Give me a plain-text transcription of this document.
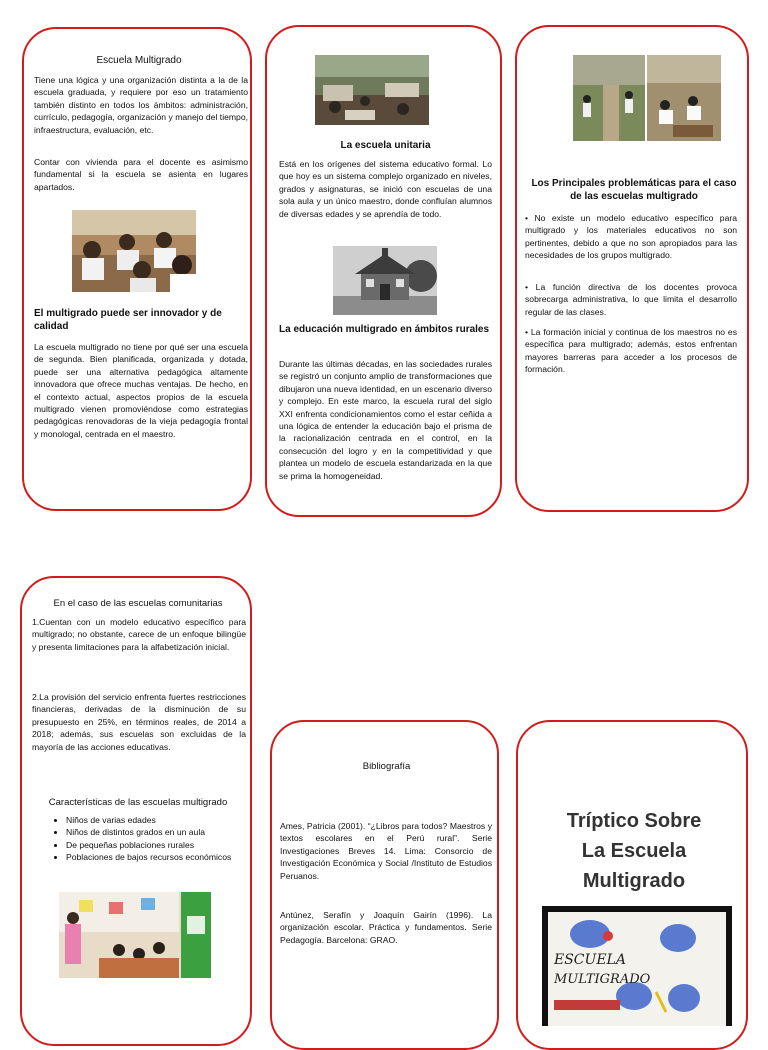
Escuela Multigrado

Tiene una lógica y una organización distinta a la de la escuela graduada, y requiere por eso un tratamiento también distinto en todos los ámbitos: administración, currículo, pedagogía, organización y manejo del tiempo, infraestructura, evaluación, etc.

Contar con vivienda para el docente es asimismo fundamental si la escuela se asienta en lugares apartados.

El multigrado puede ser innovador y de calidad

La escuela multigrado no tiene por qué ser una escuela de segunda. Bien planificada, organizada y dotada, puede ser una alternativa pedagógica altamente innovadora que ofrece muchas ventajas. De hecho, en el contexto actual, aspectos propios de la escuela multigrado vienen promoviéndose como estrategias pedagógicas renovadoras de la vieja pedagogía frontal y monologal, centrada en el maestro.

La escuela unitaria

Está en los orígenes del sistema educativo formal. Lo que hoy es un sistema complejo organizado en niveles, grados y asignaturas, se inició con escuelas de una sola aula y un único maestro, donde confluían alumnos de diversas edades y se aprendía de todo.

La educación multigrado en ámbitos rurales

Durante las últimas décadas, en las sociedades rurales se registró un conjunto amplio de transformaciones que dibujaron una nueva identidad, en un escenario diverso y complejo. En este marco, la escuela rural del siglo XXI enfrenta condicionamientos como el estar ceñida a una lógica de entender la educación bajo el prisma de la racionalización centrada en el control, en la consecución del logro y en la competitividad y que plantea un modelo de escuela estandarizada en la que se prima la homogeneidad.

Los Principales problemáticas para el caso de las escuelas multigrado

• No existe un modelo educativo específico para multigrado y los materiales educativos no son pertinentes, debido a que no son apropiados para las necesidades de los grupos multigrado.

• La función directiva de los docentes provoca sobrecarga administrativa, lo que limita el desarrollo regular de las clases.

• La formación inicial y continua de los maestros no es específica para multigrado; además, estos enfrentan mayores barreras para acceder a los procesos de formación.

En el caso de las escuelas comunitarias

1.Cuentan con un modelo educativo específico para multigrado; no obstante, carece de un enfoque bilingüe y presenta limitaciones para la alfabetización inicial.

2.La provisión del servicio enfrenta fuertes restricciones financieras, derivadas de la disminución de su presupuesto en 25%, en términos reales, de 2014 a 2018; además, sus escuelas son excluidas de la mayoría de las acciones educativas.

Características de las escuelas multigrado

• Niños de varias edades
• Niños de distintos grados en un aula
• De pequeñas poblaciones rurales
• Poblaciones de bajos recursos económicos

Bibliografía

Ames, Patricia (2001). “¿Libros para todos? Maestros y textos escolares en el Perú rural”. Serie Investigaciones Breves 14. Lima: Consorcio de Investigación Económica y Social /Instituto de Estudios Peruanos.

Antúnez, Serafín y Joaquín Gairín (1996). La organización escolar. Práctica y fundamentos. Serie Pedagogía. Barcelona: GRAO.

Tríptico Sobre
La Escuela
Multigrado
ESCUELA
MULTIGRADO
